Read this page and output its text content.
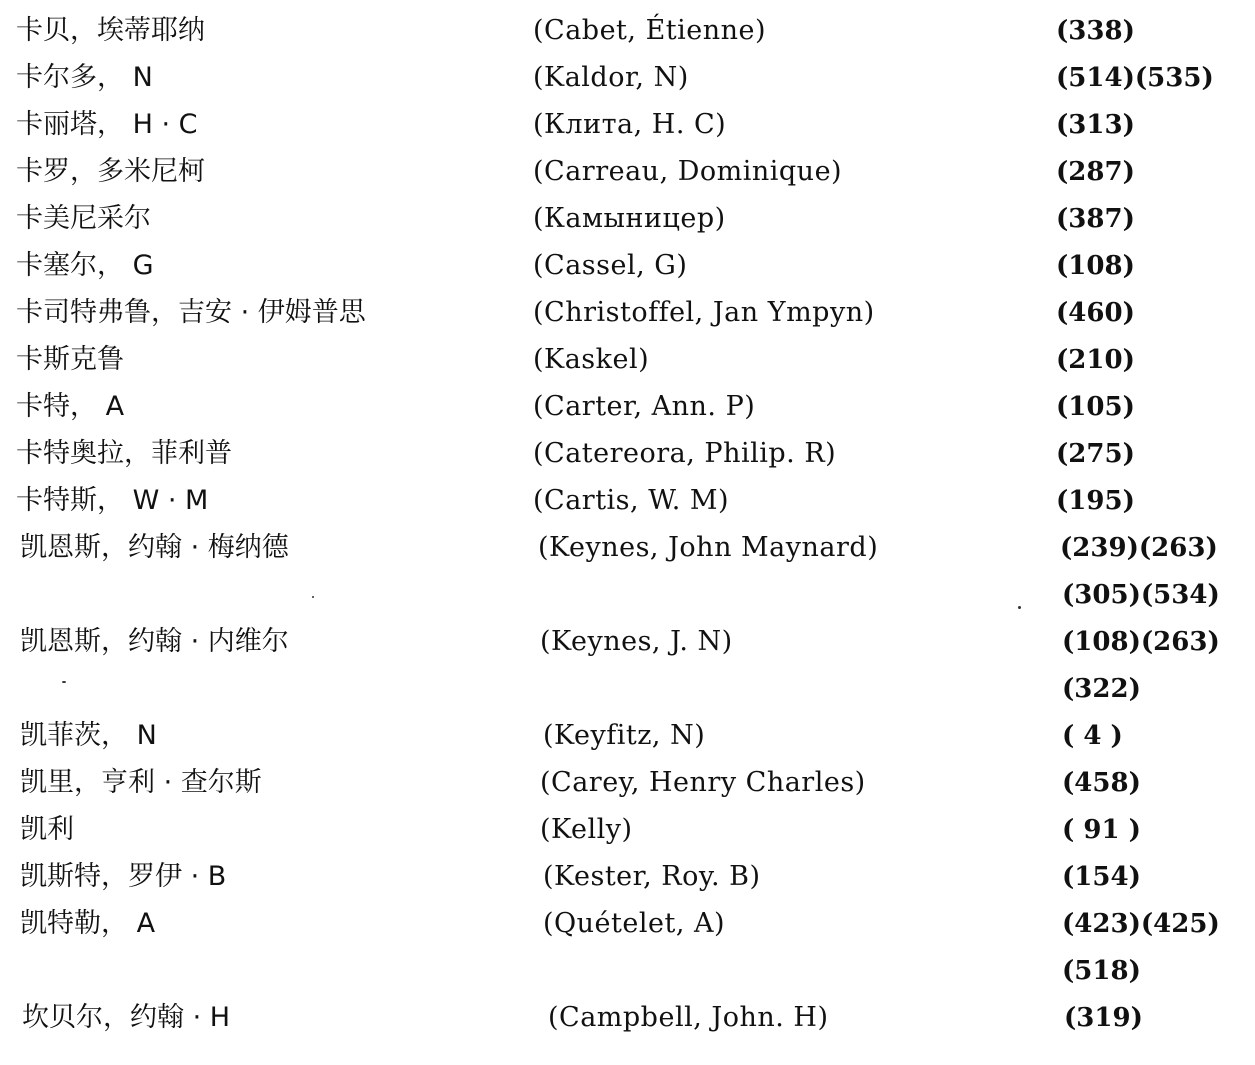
卡贝，埃蒂耶纳	(Cabet, Étienne)	(338)
卡尔多， N	(Kaldor, N)	(514)(535)
卡丽塔， H · C	(Клита, H. C)	(313)
卡罗，多米尼柯	(Carreau, Dominique)	(287)
卡美尼采尔	(Камыницер)	(387)
卡塞尔， G	(Cassel, G)	(108)
卡司特弗鲁，吉安 · 伊姆普思	(Christoffel, Jan Ympyn)	(460)
卡斯克鲁	(Kaskel)	(210)
卡特， A	(Carter, Ann. P)	(105)
卡特奥拉，菲利普	(Catereora, Philip. R)	(275)
卡特斯， W · M	(Cartis, W. M)	(195)
凯恩斯，约翰 · 梅纳德	(Keynes, John Maynard)	(239)(263)
(305)(534)
凯恩斯，约翰 · 内维尔	(Keynes, J. N)	(108)(263)
(322)
凯菲茨， N	(Keyfitz, N)	( 4 )
凯里，亨利 · 查尔斯	(Carey, Henry Charles)	(458)
凯利	(Kelly)	( 91 )
凯斯特，罗伊 · B	(Kester, Roy. B)	(154)
凯特勒， A	(Quételet, A)	(423)(425)
(518)
坎贝尔，约翰 · H	(Campbell, John. H)	(319)
